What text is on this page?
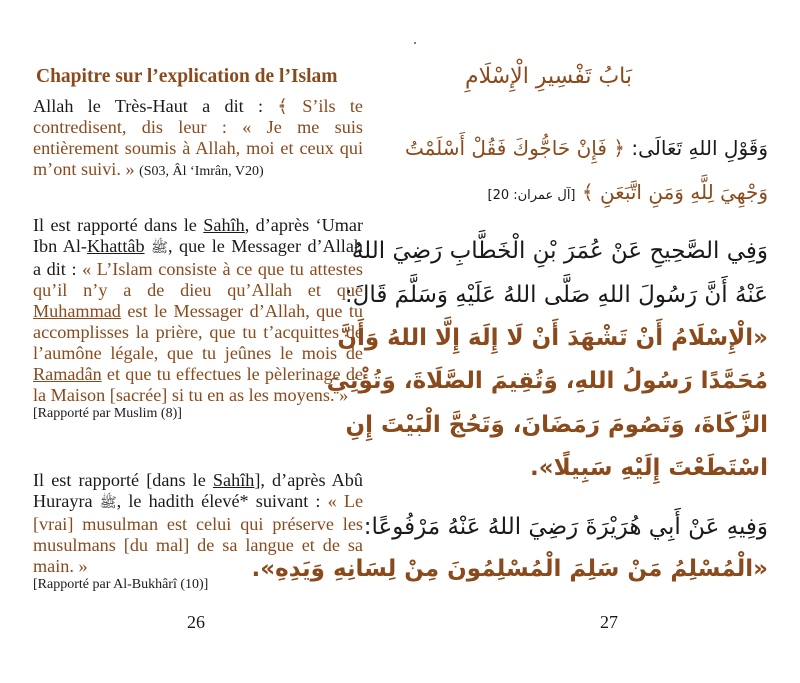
Chapitre sur l’explication de l’Islam
Allah le Très-Haut a dit : ﴾ S’ils te contredisent, dis leur : « Je me suis entièrement soumis à Allah, moi et ceux qui m’ont suivi. » (S03, Âl ‘Imrân, V20)
Il est rapporté dans le Sahîh, d’après ‘Umar Ibn Al-Khattâb ﷺ, que le Messager d’Allah a dit : « L’Islam consiste à ce que tu attestes qu’il n’y a de dieu qu’Allah et que Muhammad est le Messager d’Allah, que tu accomplisses la prière, que tu t’acquittes de l’aumône légale, que tu jeûnes le mois de Ramadân et que tu effectues le pèlerinage de la Maison [sacrée] si tu en as les moyens. »
[Rapporté par Muslim (8)]
Il est rapporté [dans le Sahîh], d’après Abû Hurayra ﷺ, le hadith élevé* suivant : « Le [vrai] musulman est celui qui préserve les musulmans [du mal] de sa langue et de sa main. »
[Rapporté par Al-Bukhârî (10)]
26
بَابُ تَفْسِيرِ الْإِسْلَامِ
وَقَوْلِ اللهِ تَعَالَى: ﴿ فَإِنْ حَاجُّوكَ فَقُلْ أَسْلَمْتُ
وَجْهِيَ لِلَّهِ وَمَنِ اتَّبَعَنِ ﴾ [آل عمران: 20]
وَفِي الصَّحِيحِ عَنْ عُمَرَ بْنِ الْخَطَّابِ رَضِيَ اللهُ
عَنْهُ أَنَّ رَسُولَ اللهِ صَلَّى اللهُ عَلَيْهِ وَسَلَّمَ قَالَ:
«الْإِسْلَامُ أَنْ تَشْهَدَ أَنْ لَا إِلَهَ إِلَّا اللهُ وَأَنَّ
مُحَمَّدًا رَسُولُ اللهِ، وَتُقِيمَ الصَّلَاةَ، وَتُؤْتِيَ
الزَّكَاةَ، وَتَصُومَ رَمَضَانَ، وَتَحُجَّ الْبَيْتَ إِنِ
اسْتَطَعْتَ إِلَيْهِ سَبِيلًا».
وَفِيهِ عَنْ أَبِي هُرَيْرَةَ رَضِيَ اللهُ عَنْهُ مَرْفُوعًا:
«الْمُسْلِمُ مَنْ سَلِمَ الْمُسْلِمُونَ مِنْ لِسَانِهِ وَيَدِهِ».
27
